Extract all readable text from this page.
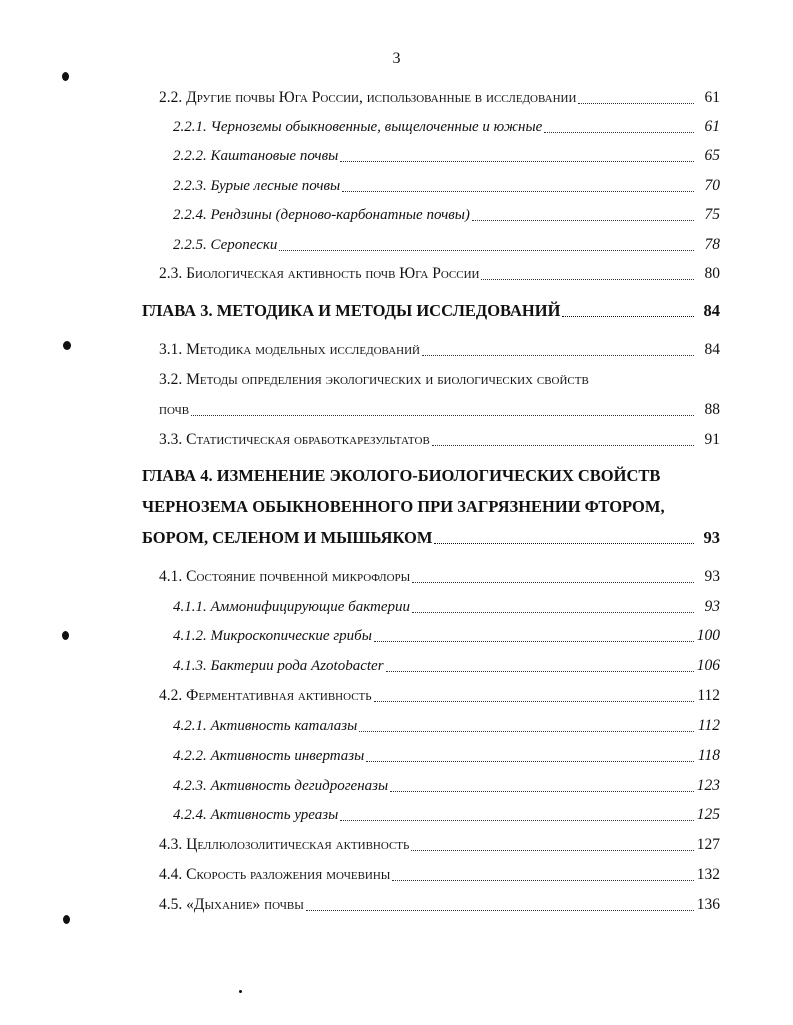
3
2.2. Другие почвы Юга России, использованные в исследовании	61
2.2.1. Черноземы обыкновенные, выщелоченные и южные	61
2.2.2. Каштановые почвы	65
2.2.3. Бурые лесные почвы	70
2.2.4. Рендзины (дерново-карбонатные почвы)	75
2.2.5. Серопески	78
2.3. Биологическая активность почв Юга России	80
ГЛАВА 3. МЕТОДИКА И МЕТОДЫ ИССЛЕДОВАНИЙ	84
3.1. Методика модельных исследований	84
3.2. Методы определения экологических и биологических свойств
почв	88
3.3. Статистическая обработкарезультатов	91
ГЛАВА 4. ИЗМЕНЕНИЕ ЭКОЛОГО-БИОЛОГИЧЕСКИХ СВОЙСТВ
ЧЕРНОЗЕМА ОБЫКНОВЕННОГО ПРИ ЗАГРЯЗНЕНИИ ФТОРОМ,
БОРОМ, СЕЛЕНОМ И МЫШЬЯКОМ	93
4.1. Состояние почвенной микрофлоры	93
4.1.1. Аммонифицирующие бактерии	93
4.1.2. Микроскопические грибы	100
4.1.3. Бактерии рода Azotobacter	106
4.2. Ферментативная активность	112
4.2.1. Активность каталазы	112
4.2.2. Активность инвертазы	118
4.2.3. Активность дегидрогеназы	123
4.2.4. Активность уреазы	125
4.3. Целлюлозолитическая активность	127
4.4. Скорость разложения мочевины	132
4.5. «Дыхание» почвы	136
